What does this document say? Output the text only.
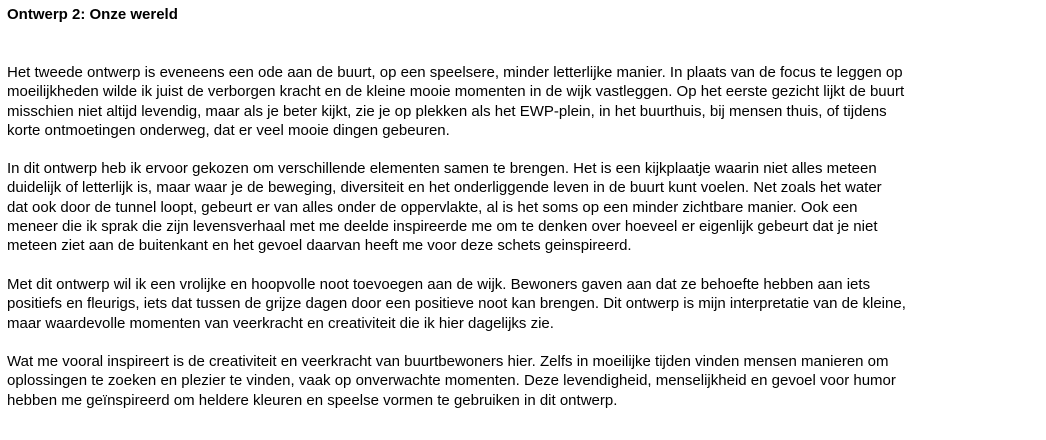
Ontwerp 2: Onze wereld

Het tweede ontwerp is eveneens een ode aan de buurt, op een speelsere, minder letterlijke manier. In plaats van de focus te leggen op
moeilijkheden wilde ik juist de verborgen kracht en de kleine mooie momenten in de wijk vastleggen. Op het eerste gezicht lijkt de buurt
misschien niet altijd levendig, maar als je beter kijkt, zie je op plekken als het EWP-plein, in het buurthuis, bij mensen thuis, of tijdens
korte ontmoetingen onderweg, dat er veel mooie dingen gebeuren.

In dit ontwerp heb ik ervoor gekozen om verschillende elementen samen te brengen. Het is een kijkplaatje waarin niet alles meteen
duidelijk of letterlijk is, maar waar je de beweging, diversiteit en het onderliggende leven in de buurt kunt voelen. Net zoals het water
dat ook door de tunnel loopt, gebeurt er van alles onder de oppervlakte, al is het soms op een minder zichtbare manier. Ook een
meneer die ik sprak die zijn levensverhaal met me deelde inspireerde me om te denken over hoeveel er eigenlijk gebeurt dat je niet
meteen ziet aan de buitenkant en het gevoel daarvan heeft me voor deze schets geinspireerd.

Met dit ontwerp wil ik een vrolijke en hoopvolle noot toevoegen aan de wijk. Bewoners gaven aan dat ze behoefte hebben aan iets
positiefs en fleurigs, iets dat tussen de grijze dagen door een positieve noot kan brengen. Dit ontwerp is mijn interpretatie van de kleine,
maar waardevolle momenten van veerkracht en creativiteit die ik hier dagelijks zie.

Wat me vooral inspireert is de creativiteit en veerkracht van buurtbewoners hier. Zelfs in moeilijke tijden vinden mensen manieren om
oplossingen te zoeken en plezier te vinden, vaak op onverwachte momenten. Deze levendigheid, menselijkheid en gevoel voor humor
hebben me geïnspireerd om heldere kleuren en speelse vormen te gebruiken in dit ontwerp.
